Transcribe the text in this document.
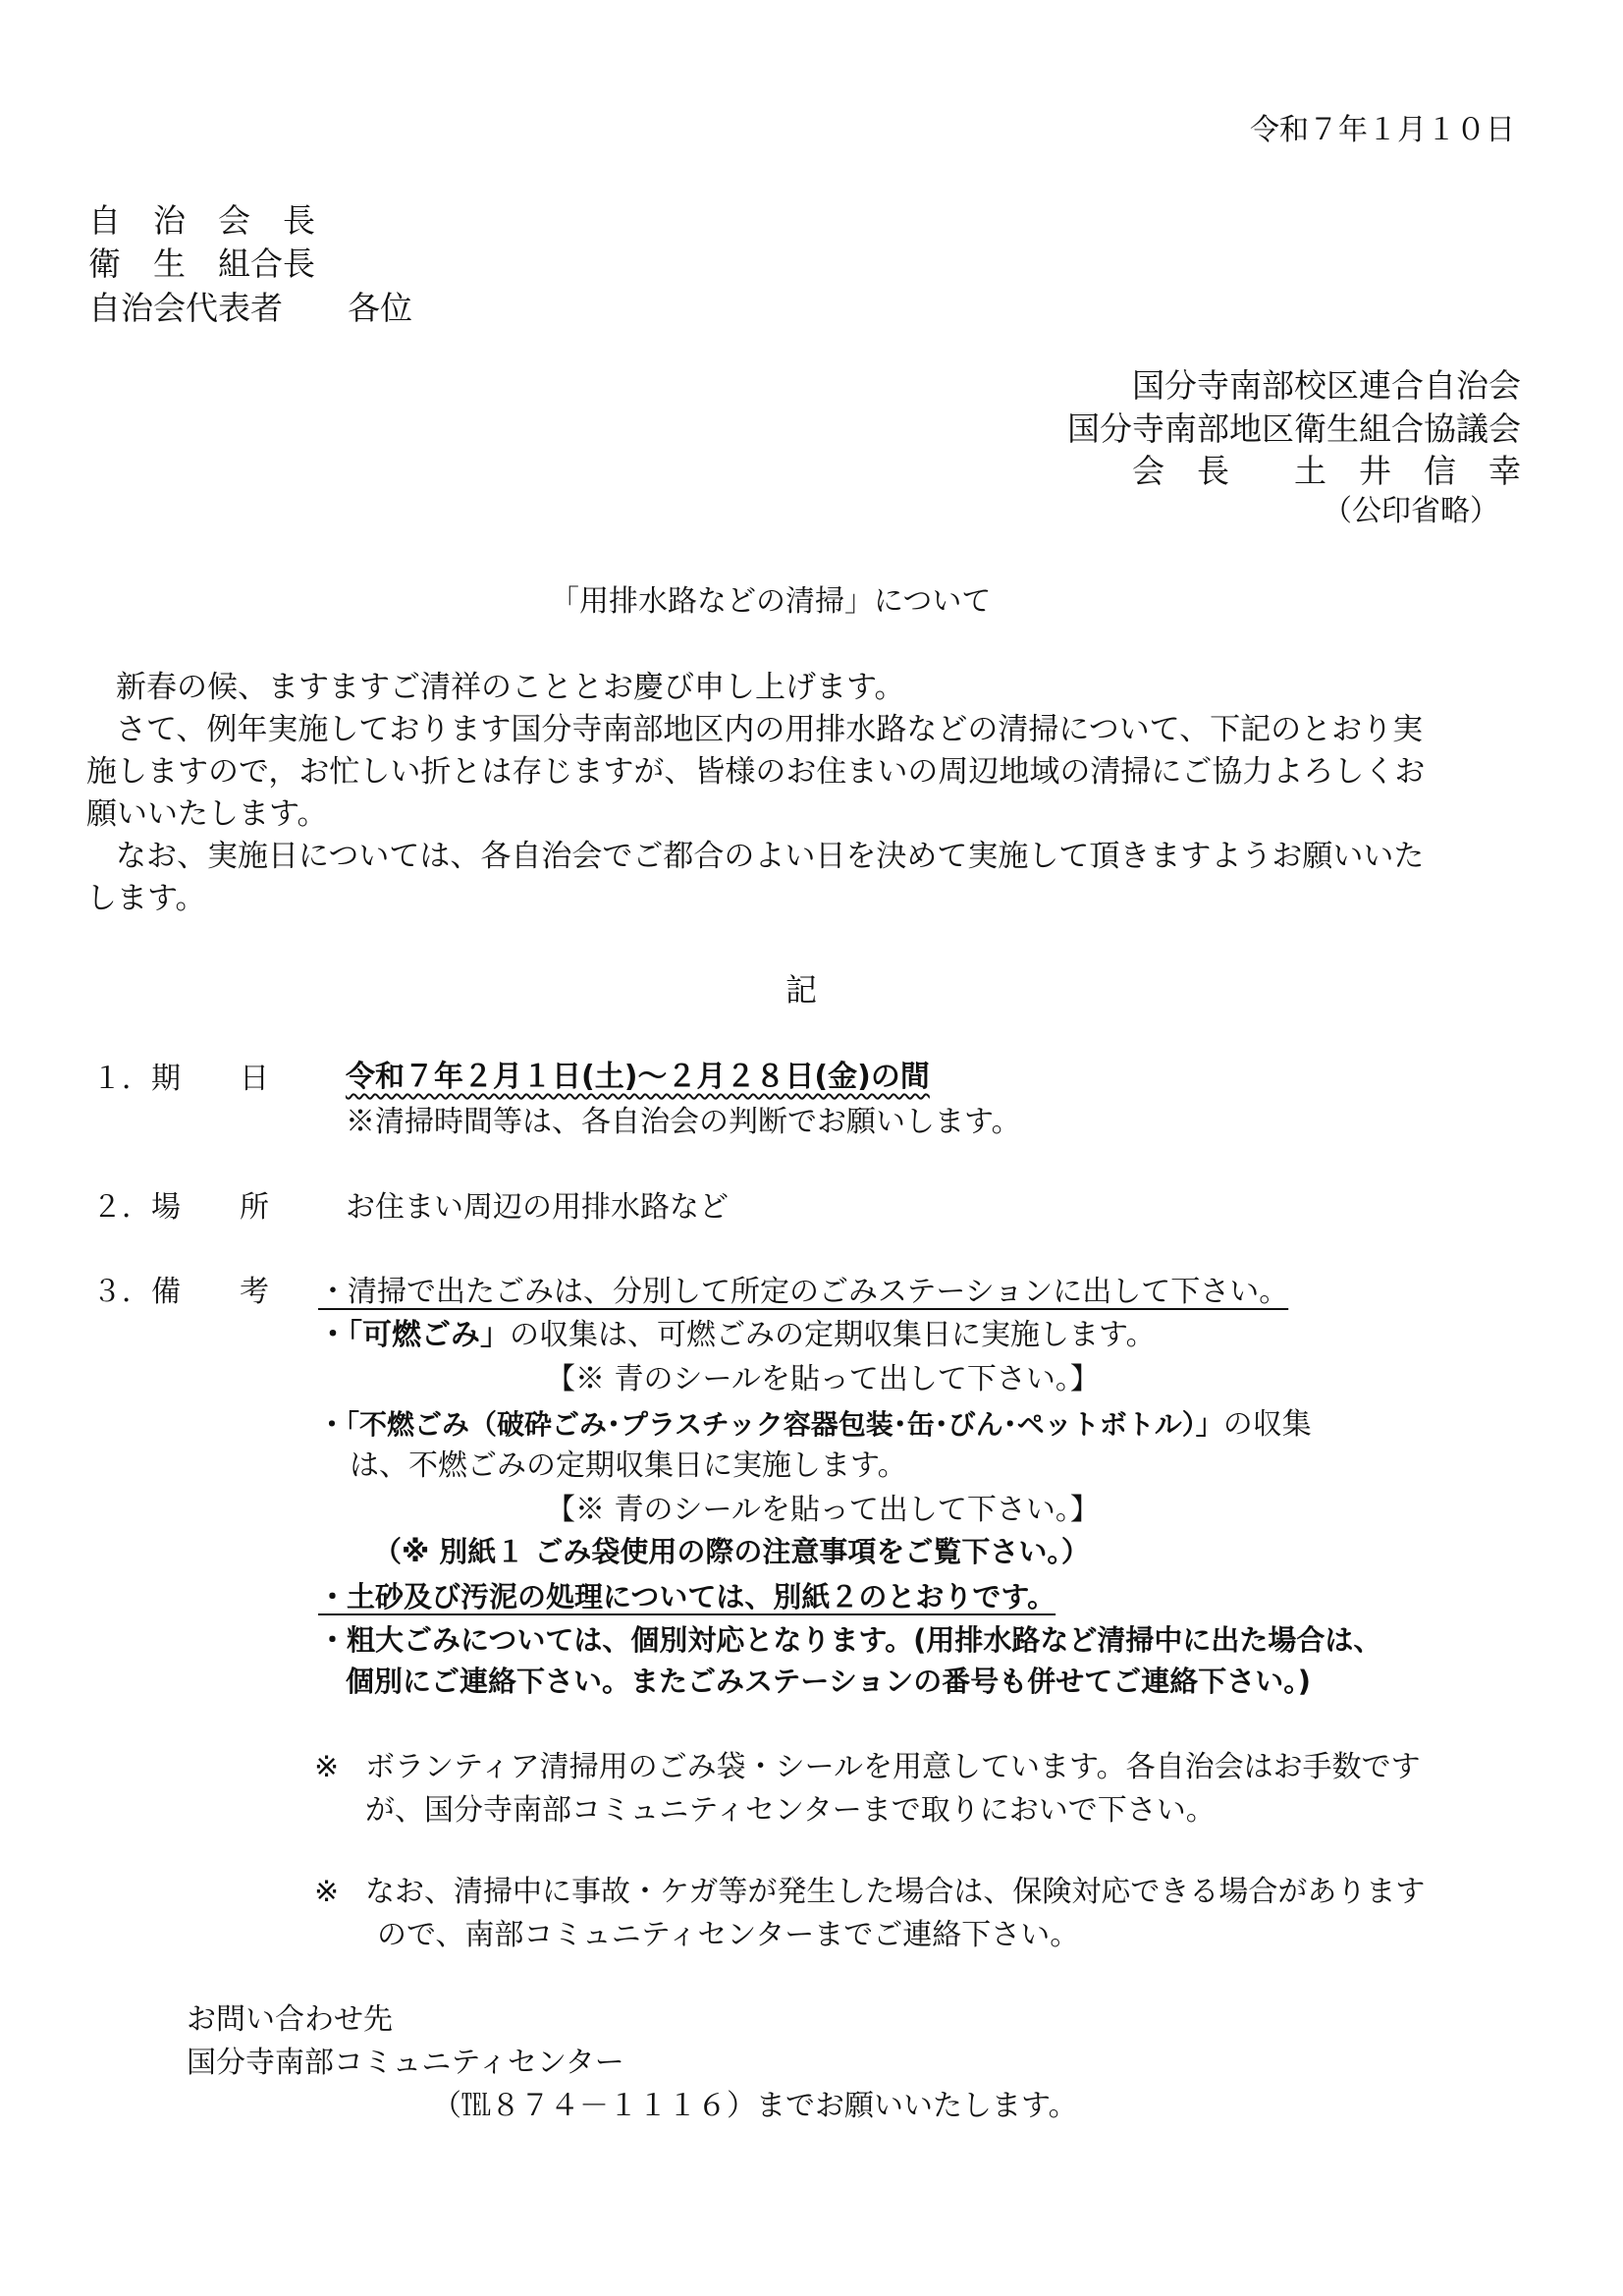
令和７年１月１０日
自　治　会　長
衛　生　組合長
自治会代表者　　各位
国分寺南部校区連合自治会
国分寺南部地区衛生組合協議会
会　長　　土　井　信　幸
（公印省略）
「用排水路などの清掃」について
新春の候、ますますご清祥のこととお慶び申し上げます。
さて、例年実施しております国分寺南部地区内の用排水路などの清掃について、下記のとおり実
施しますので，お忙しい折とは存じますが、皆様のお住まいの周辺地域の清掃にご協力よろしくお
願いいたします。
なお、実施日については、各自治会でご都合のよい日を決めて実施して頂きますようお願いいた
します。
記
１．期　　日	令和７年２月１日(土)～２月２８日(金)の間
※清掃時間等は、各自治会の判断でお願いします。
２．場　　所	お住まい周辺の用排水路など
３．備　　考 ・清掃で出たごみは、分別して所定のごみステーションに出して下さい。
・「可燃ごみ」の収集は、可燃ごみの定期収集日に実施します。
【※ 青のシールを貼って出して下さい。】
・「不燃ごみ（破砕ごみ･プラスチック容器包装･缶･びん･ペットボトル）」の収集
は、不燃ごみの定期収集日に実施します。
【※ 青のシールを貼って出して下さい。】
（※ 別紙１ ごみ袋使用の際の注意事項をご覧下さい。）
・土砂及び汚泥の処理については、別紙２のとおりです。
・粗大ごみについては、個別対応となります。(用排水路など清掃中に出た場合は、
個別にご連絡下さい。またごみステーションの番号も併せてご連絡下さい。)
※ ボランティア清掃用のごみ袋・シールを用意しています。各自治会はお手数です
が、国分寺南部コミュニティセンターまで取りにおいで下さい。
※ なお、清掃中に事故・ケガ等が発生した場合は、保険対応できる場合があります
ので、南部コミュニティセンターまでご連絡下さい。
お問い合わせ先
国分寺南部コミュニティセンター
（℡８７４－１１１６）までお願いいたします。
